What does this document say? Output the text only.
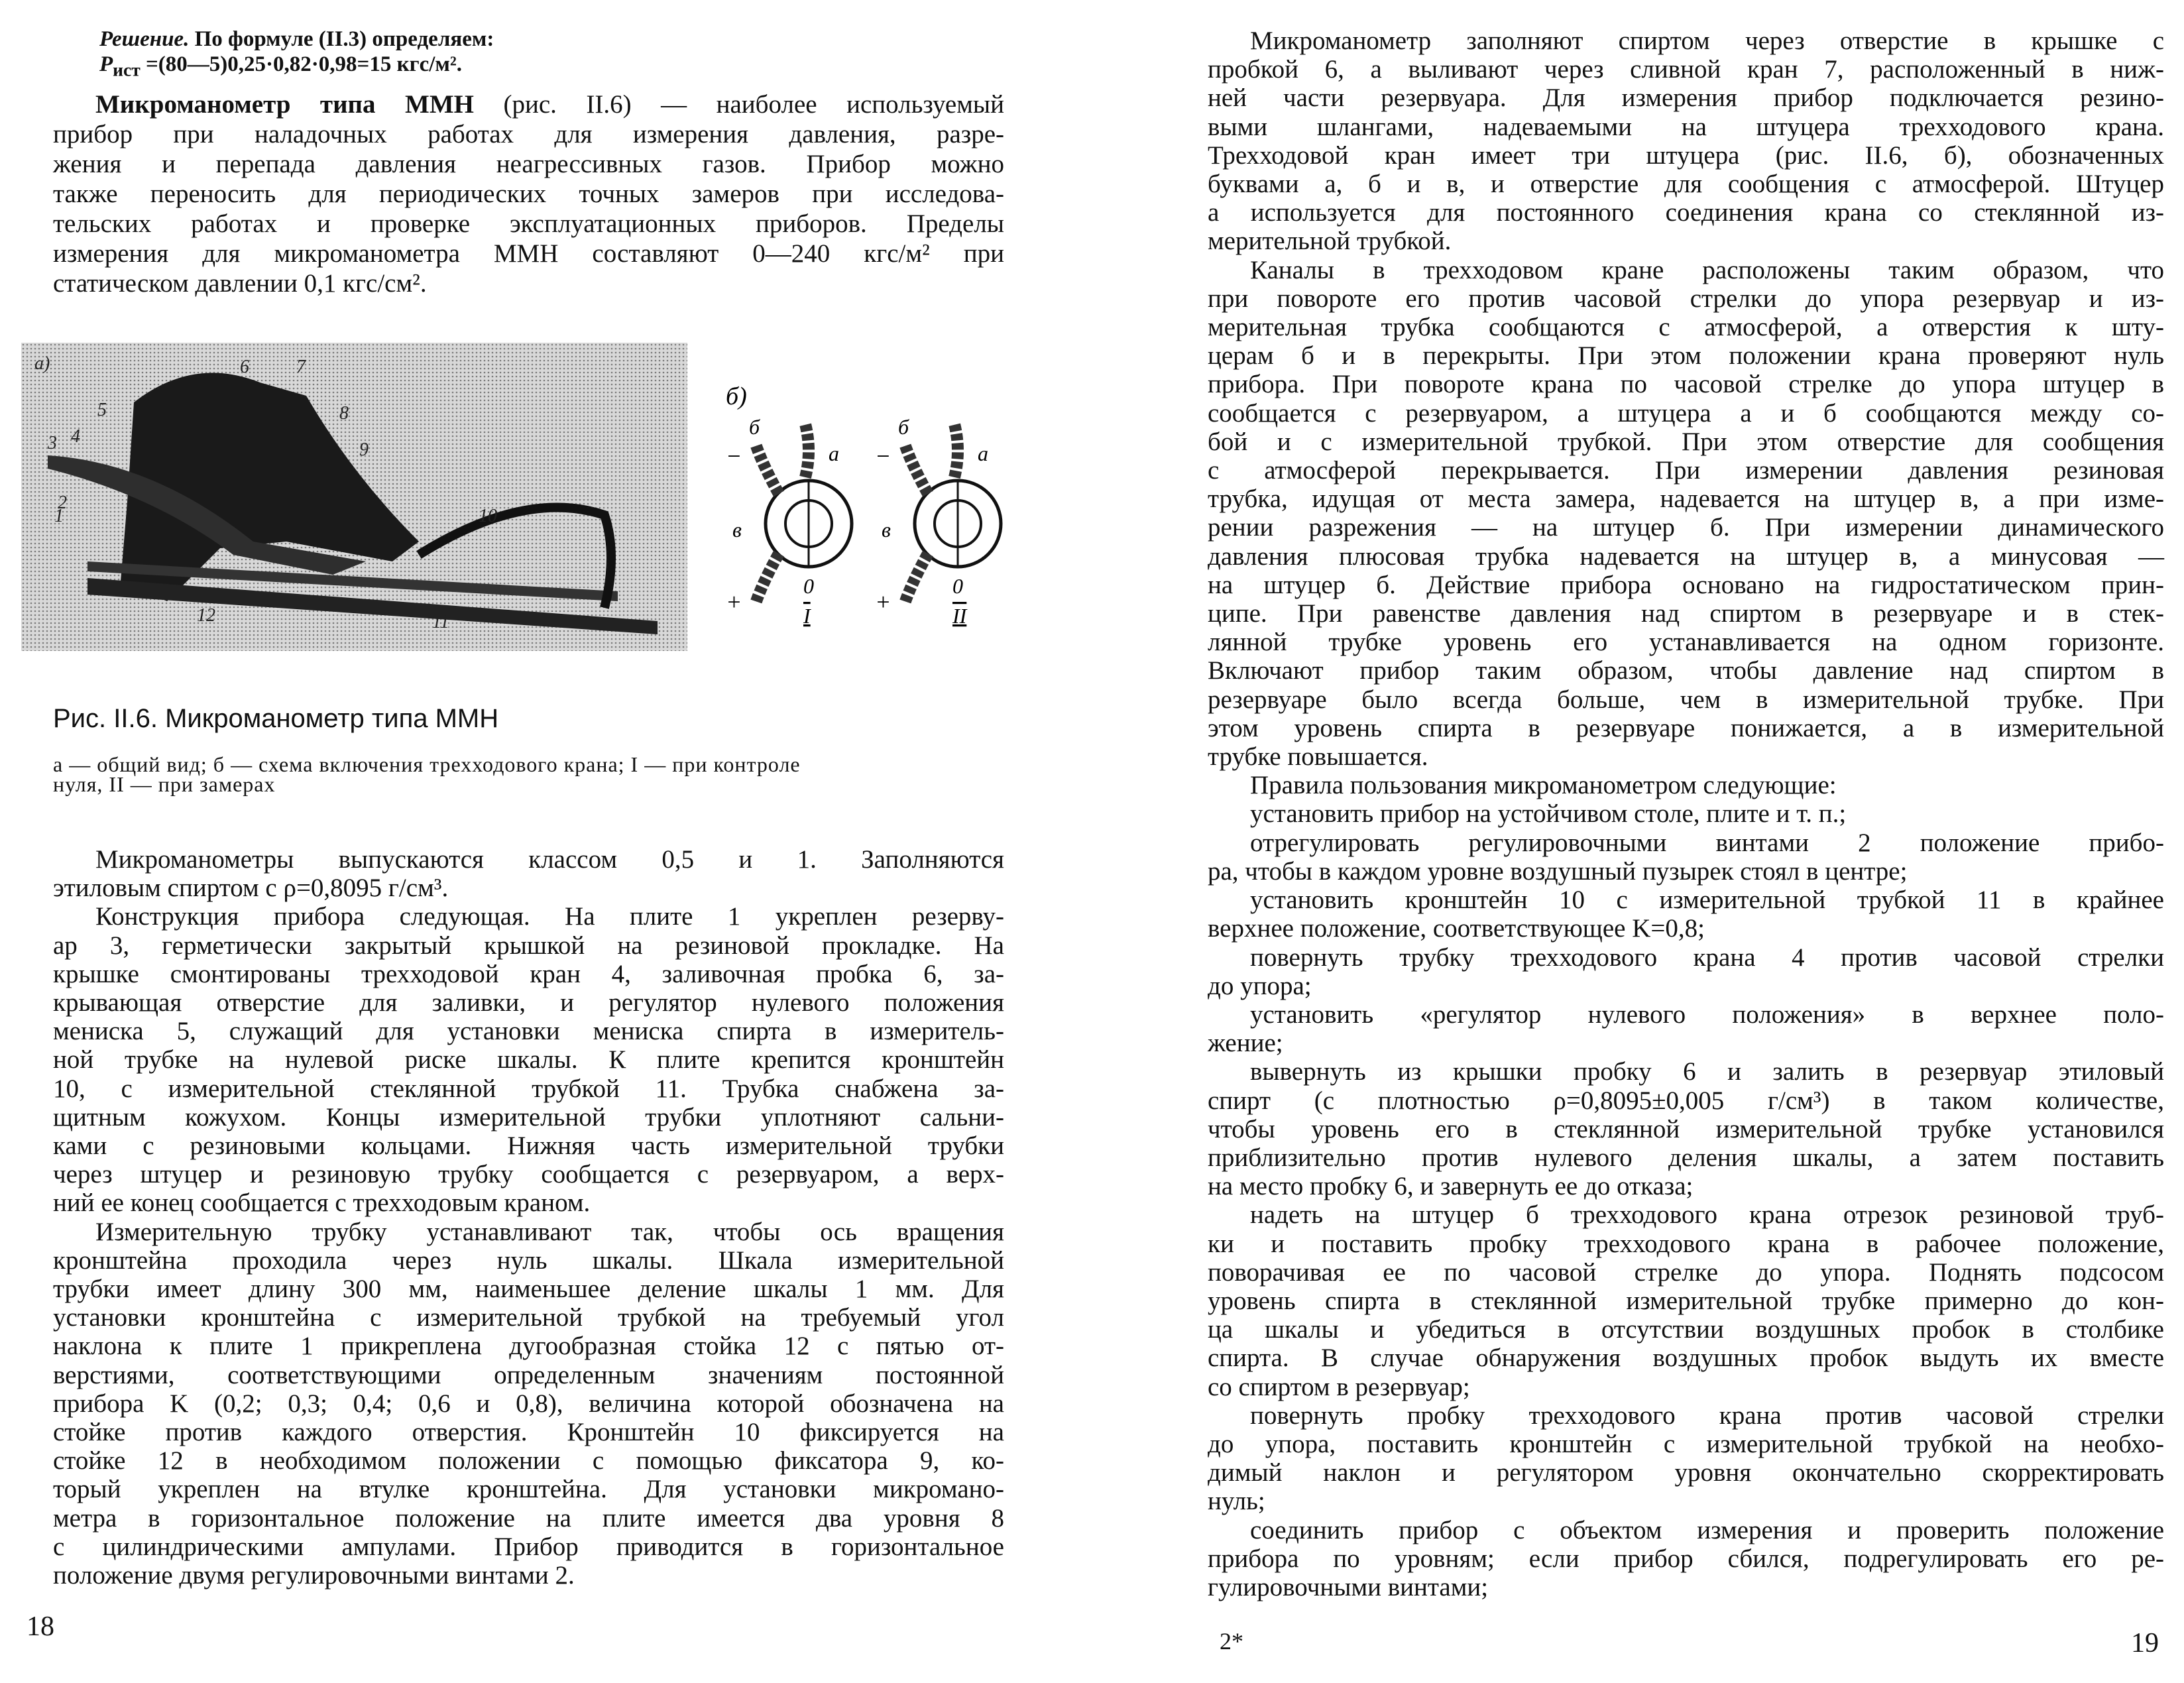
Решение. По формуле (II.3) определяем:
$P_{ист}$ =(80—5)0,25·0,82·0,98=15 кгс/м².
Микроманометр типа ММН (рис. II.6) — наиболее используемый
прибор при наладочных работах для измерения давления, разре-
жения и перепада давления неагрессивных газов. Прибор можно
также переносить для периодических точных замеров при исследова-
тельских работах и проверке эксплуатационных приборов. Пределы
измерения для микроманометра ММН составляют 0—240 кгс/м² при
статическом давлении 0,1 кгс/см².
а)
1
2
3 4
5
6	7
8
9
10
11
12
б)
б
а
в
0
−
+
I
б
а
в
0
−
+
II
Рис. II.6. Микроманометр типа ММН
а — общий вид; б — схема включения трехходового крана; I — при контроле
нуля, II — при замерах
Микроманометры выпускаются классом 0,5 и 1. Заполняются
этиловым спиртом с ρ=0,8095 г/см³.
Конструкция прибора следующая. На плите 1 укреплен резерву-
ар 3, герметически закрытый крышкой на резиновой прокладке. На
крышке смонтированы трехходовой кран 4, заливочная пробка 6, за-
крывающая отверстие для заливки, и регулятор нулевого положения
мениска 5, служащий для установки мениска спирта в измеритель-
ной трубке на нулевой риске шкалы. К плите крепится кронштейн
10, с измерительной стеклянной трубкой 11. Трубка снабжена за-
щитным кожухом. Концы измерительной трубки уплотняют сальни-
ками с резиновыми кольцами. Нижняя часть измерительной трубки
через штуцер и резиновую трубку сообщается с резервуаром, а верх-
ний ее конец сообщается с трехходовым краном.
Измерительную трубку устанавливают так, чтобы ось вращения
кронштейна проходила через нуль шкалы. Шкала измерительной
трубки имеет длину 300 мм, наименьшее деление шкалы 1 мм. Для
установки кронштейна с измерительной трубкой на требуемый угол
наклона к плите 1 прикреплена дугообразная стойка 12 с пятью от-
верстиями, соответствующими определенным значениям постоянной
прибора K (0,2; 0,3; 0,4; 0,6 и 0,8), величина которой обозначена на
стойке против каждого отверстия. Кронштейн 10 фиксируется на
стойке 12 в необходимом положении с помощью фиксатора 9, ко-
торый укреплен на втулке кронштейна. Для установки микромано-
метра в горизонтальное положение на плите имеется два уровня 8
с цилиндрическими ампулами. Прибор приводится в горизонтальное
положение двумя регулировочными винтами 2.
18
Микроманометр заполняют спиртом через отверстие в крышке с
пробкой 6, а выливают через сливной кран 7, расположенный в ниж-
ней части резервуара. Для измерения прибор подключается резино-
выми шлангами, надеваемыми на штуцера трехходового крана.
Трехходовой кран имеет три штуцера (рис. II.6, б), обозначенных
буквами а, б и в, и отверстие для сообщения с атмосферой. Штуцер
а используется для постоянного соединения крана со стеклянной из-
мерительной трубкой.
Каналы в трехходовом кране расположены таким образом, что
при повороте его против часовой стрелки до упора резервуар и из-
мерительная трубка сообщаются с атмосферой, а отверстия к шту-
церам б и в перекрыты. При этом положении крана проверяют нуль
прибора. При повороте крана по часовой стрелке до упора штуцер в
сообщается с резервуаром, а штуцера а и б сообщаются между со-
бой и с измерительной трубкой. При этом отверстие для сообщения
с атмосферой перекрывается. При измерении давления резиновая
трубка, идущая от места замера, надевается на штуцер в, а при изме-
рении разрежения — на штуцер б. При измерении динамического
давления плюсовая трубка надевается на штуцер в, а минусовая —
на штуцер б. Действие прибора основано на гидростатическом прин-
ципе. При равенстве давления над спиртом в резервуаре и в стек-
лянной трубке уровень его устанавливается на одном горизонте.
Включают прибор таким образом, чтобы давление над спиртом в
резервуаре было всегда больше, чем в измерительной трубке. При
этом уровень спирта в резервуаре понижается, а в измерительной
трубке повышается.
Правила пользования микроманометром следующие:
установить прибор на устойчивом столе, плите и т. п.;
отрегулировать регулировочными винтами 2 положение прибо-
ра, чтобы в каждом уровне воздушный пузырек стоял в центре;
установить кронштейн 10 с измерительной трубкой 11 в крайнее
верхнее положение, соответствующее K=0,8;
повернуть трубку трехходового крана 4 против часовой стрелки
до упора;
установить «регулятор нулевого положения» в верхнее поло-
жение;
вывернуть из крышки пробку 6 и залить в резервуар этиловый
спирт (с плотностью ρ=0,8095±0,005 г/см³) в таком количестве,
чтобы уровень его в стеклянной измерительной трубке установился
приблизительно против нулевого деления шкалы, а затем поставить
на место пробку 6, и завернуть ее до отказа;
надеть на штуцер б трехходового крана отрезок резиновой труб-
ки и поставить пробку трехходового крана в рабочее положение,
поворачивая ее по часовой стрелке до упора. Поднять подсосом
уровень спирта в стеклянной измерительной трубке примерно до кон-
ца шкалы и убедиться в отсутствии воздушных пробок в столбике
спирта. В случае обнаружения воздушных пробок выдуть их вместе
со спиртом в резервуар;
повернуть пробку трехходового крана против часовой стрелки
до упора, поставить кронштейн с измерительной трубкой на необхо-
димый наклон и регулятором уровня окончательно скорректировать
нуль;
соединить прибор с объектом измерения и проверить положение
прибора по уровням; если прибор сбился, подрегулировать его ре-
гулировочными винтами;
2*	19
